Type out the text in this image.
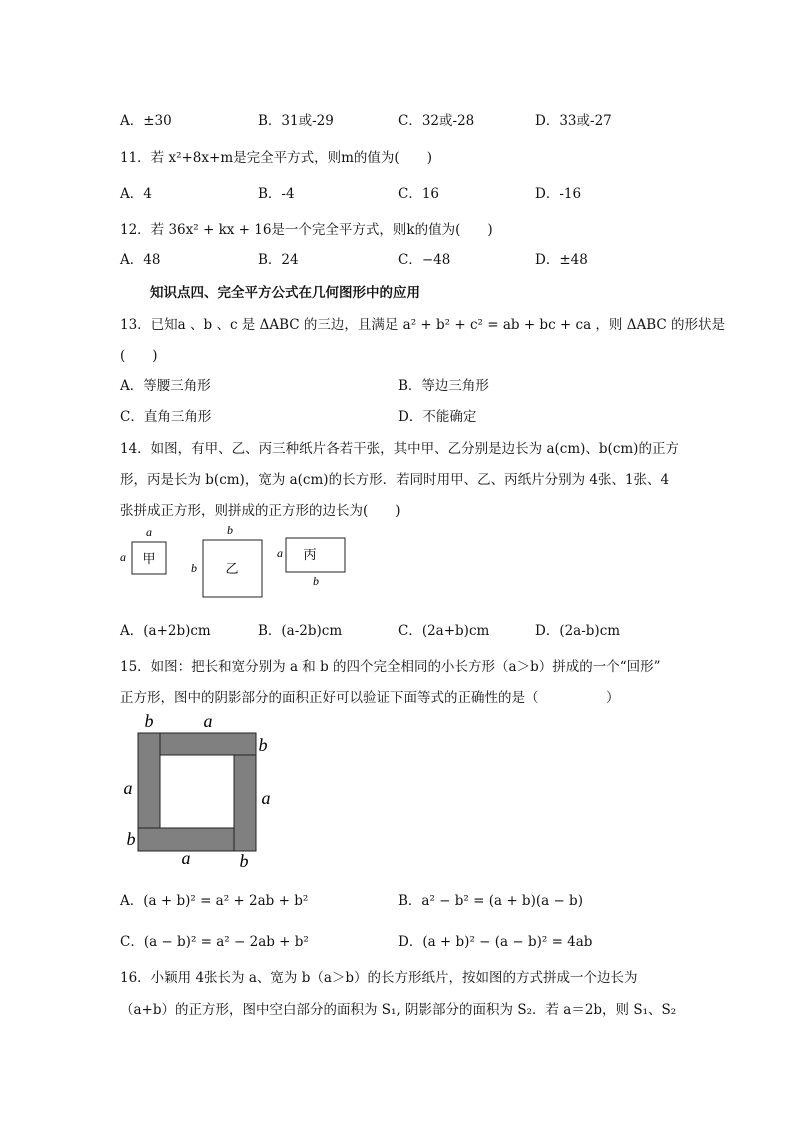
A．±30	B．31或-29	C．32或-28	D．33或-27
11．若 x²+8x+m是完全平方式，则m的值为(　　)
A．4	B．-4	C．16	D．-16
12．若 36x² + kx + 16是一个完全平方式，则k的值为(　　)
A．48	B．24	C．−48	D．±48
知识点四、完全平方公式在几何图形中的应用
13．已知a 、b 、c 是 ΔABC 的三边，且满足 a² + b² + c² = ab + bc + ca ，则 ΔABC 的形状是
(　　)
A．等腰三角形	B．等边三角形
C．直角三角形	D．不能确定
14．如图，有甲、乙、丙三种纸片各若干张，其中甲、乙分别是边长为 a(cm)、b(cm)的正方
形，丙是长为 b(cm)，宽为 a(cm)的长方形．若同时用甲、乙、丙纸片分别为 4张、1张、4
张拼成正方形，则拼成的正方形的边长为(　　)
a
a 甲
b
b 乙
a 丙
b
A．(a+2b)cm	B．(a-2b)cm	C．(2a+b)cm	D．(2a-b)cm
15．如图：把长和宽分别为 a 和 b 的四个完全相同的小长方形（a＞b）拼成的一个“回形”
正方形，图中的阴影部分的面积正好可以验证下面等式的正确性的是（　　　　　）
b	a
b
a	a
b
a	b
A．(a + b)² = a² + 2ab + b²	B．a² − b² = (a + b)(a − b)
C．(a − b)² = a² − 2ab + b²	D．(a + b)² − (a − b)² = 4ab
16．小颖用 4张长为 a、宽为 b（a＞b）的长方形纸片，按如图的方式拼成一个边长为
（a+b）的正方形，图中空白部分的面积为 S₁, 阴影部分的面积为 S₂．若 a＝2b，则 S₁、S₂
